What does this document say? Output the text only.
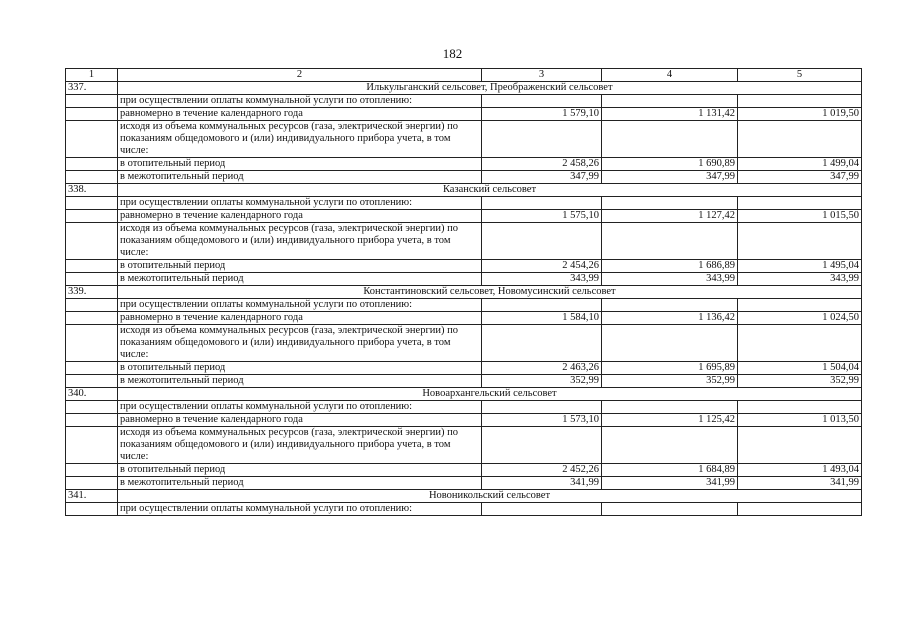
182
1	2	3	4	5
337.	Илькульганский сельсовет, Преображенский сельсовет			
	при осуществлении оплаты коммунальной услуги по отоплению:			
	равномерно в течение календарного года	1 579,10	1 131,42	1 019,50
	исходя из объема коммунальных ресурсов (газа, электрической энергии) по показаниям общедомового и (или) индивидуального прибора учета, в том числе:			
	в отопительный период	2 458,26	1 690,89	1 499,04
	в межотопительный период	347,99	347,99	347,99
338.	Казанский сельсовет			
	при осуществлении оплаты коммунальной услуги по отоплению:			
	равномерно в течение календарного года	1 575,10	1 127,42	1 015,50
	исходя из объема коммунальных ресурсов (газа, электрической энергии) по показаниям общедомового и (или) индивидуального прибора учета, в том числе:			
	в отопительный период	2 454,26	1 686,89	1 495,04
	в межотопительный период	343,99	343,99	343,99
339.	Константиновский сельсовет, Новомусинский сельсовет			
	при осуществлении оплаты коммунальной услуги по отоплению:			
	равномерно в течение календарного года	1 584,10	1 136,42	1 024,50
	исходя из объема коммунальных ресурсов (газа, электрической энергии) по показаниям общедомового и (или) индивидуального прибора учета, в том числе:			
	в отопительный период	2 463,26	1 695,89	1 504,04
	в межотопительный период	352,99	352,99	352,99
340.	Новоархангельский сельсовет			
	при осуществлении оплаты коммунальной услуги по отоплению:			
	равномерно в течение календарного года	1 573,10	1 125,42	1 013,50
	исходя из объема коммунальных ресурсов (газа, электрической энергии) по показаниям общедомового и (или) индивидуального прибора учета, в том числе:			
	в отопительный период	2 452,26	1 684,89	1 493,04
	в межотопительный период	341,99	341,99	341,99
341.	Новоникольский сельсовет			
	при осуществлении оплаты коммунальной услуги по отоплению:			
